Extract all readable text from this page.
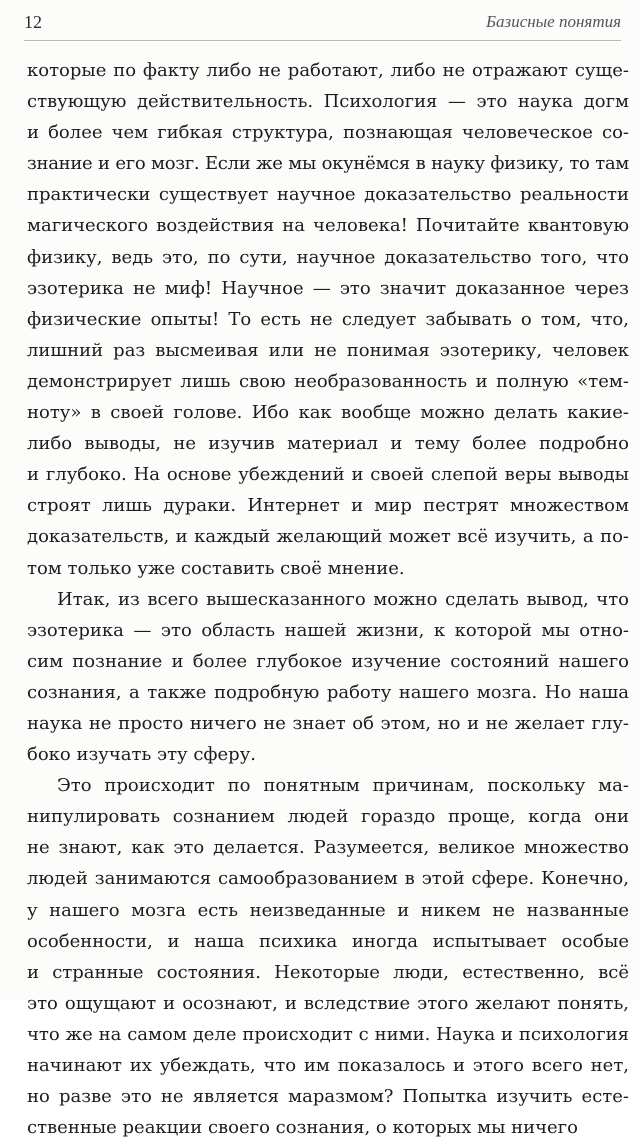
12	Базисные понятия
которые по факту либо не работают, либо не отражают суще-
ствующую действительность. Психология — это наука догм
и более чем гибкая структура, познающая человеческое со-
знание и его мозг. Если же мы окунёмся в науку физику, то там
практически существует научное доказательство реальности
магического воздействия на человека! Почитайте квантовую
физику, ведь это, по сути, научное доказательство того, что
эзотерика не миф! Научное — это значит доказанное через
физические опыты! То есть не следует забывать о том, что,
лишний раз высмеивая или не понимая эзотерику, человек
демонстрирует лишь свою необразованность и полную «тем-
ноту» в своей голове. Ибо как вообще можно делать какие-
либо выводы, не изучив материал и тему более подробно
и глубоко. На основе убеждений и своей слепой веры выводы
строят лишь дураки. Интернет и мир пестрят множеством
доказательств, и каждый желающий может всё изучить, а по-
том только уже составить своё мнение.
Итак, из всего вышесказанного можно сделать вывод, что
эзотерика — это область нашей жизни, к которой мы отно-
сим познание и более глубокое изучение состояний нашего
сознания, а также подробную работу нашего мозга. Но наша
наука не просто ничего не знает об этом, но и не желает глу-
боко изучать эту сферу.
Это происходит по понятным причинам, поскольку ма-
нипулировать сознанием людей гораздо проще, когда они
не знают, как это делается. Разумеется, великое множество
людей занимаются самообразованием в этой сфере. Конечно,
у нашего мозга есть неизведанные и никем не названные
особенности, и наша психика иногда испытывает особые
и странные состояния. Некоторые люди, естественно, всё
это ощущают и осознают, и вследствие этого желают понять,
что же на самом деле происходит с ними. Наука и психология
начинают их убеждать, что им показалось и этого всего нет,
но разве это не является маразмом? Попытка изучить есте-
ственные реакции своего сознания, о которых мы ничего
